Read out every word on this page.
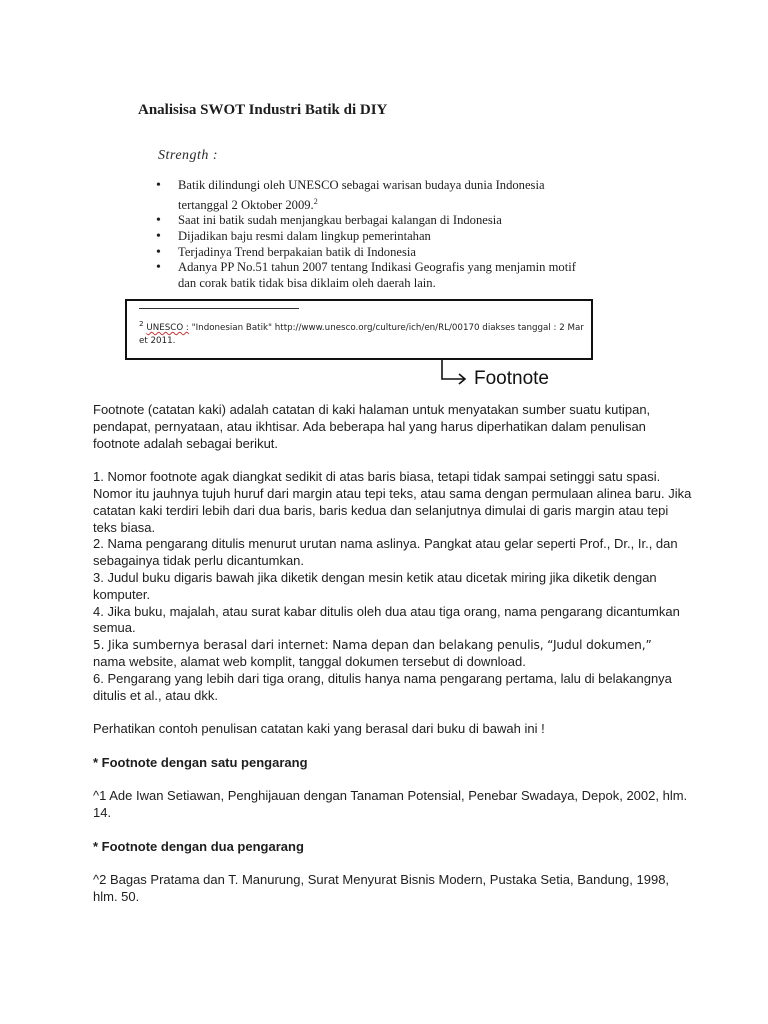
Analisisa SWOT Industri Batik di DIY
Strength :
• Batik dilindungi oleh UNESCO sebagai warisan budaya dunia Indonesia tertanggal 2 Oktober 2009.$^2$
• Saat ini batik sudah menjangkau berbagai kalangan di Indonesia
• Dijadikan baju resmi dalam lingkup pemerintahan
• Terjadinya Trend berpakaian batik di Indonesia
• Adanya PP No.51 tahun 2007 tentang Indikasi Geografis yang menjamin motif dan corak batik tidak bisa diklaim oleh daerah lain.
$^2$ UNESCO : "Indonesian Batik" http://www.unesco.org/culture/ich/en/RL/00170 diakses tanggal : 2 Maret 2011.
Footnote

Footnote (catatan kaki) adalah catatan di kaki halaman untuk menyatakan sumber suatu kutipan, pendapat, pernyataan, atau ikhtisar. Ada beberapa hal yang harus diperhatikan dalam penulisan footnote adalah sebagai berikut.

1. Nomor footnote agak diangkat sedikit di atas baris biasa, tetapi tidak sampai setinggi satu spasi. Nomor itu jauhnya tujuh huruf dari margin atau tepi teks, atau sama dengan permulaan alinea baru. Jika catatan kaki terdiri lebih dari dua baris, baris kedua dan selanjutnya dimulai di garis margin atau tepi teks biasa.

2. Nama pengarang ditulis menurut urutan nama aslinya. Pangkat atau gelar seperti Prof., Dr., Ir., dan sebagainya tidak perlu dicantumkan.

3. Judul buku digaris bawah jika diketik dengan mesin ketik atau dicetak miring jika diketik dengan komputer.

4. Jika buku, majalah, atau surat kabar ditulis oleh dua atau tiga orang, nama pengarang dicantumkan semua.

5. Jika sumbernya berasal dari internet: Nama depan dan belakang penulis, “Judul dokumen,”

nama website, alamat web komplit, tanggal dokumen tersebut di download.

6. Pengarang yang lebih dari tiga orang, ditulis hanya nama pengarang pertama, lalu di belakangnya ditulis et al., atau dkk.

Perhatikan contoh penulisan catatan kaki yang berasal dari buku di bawah ini !

* Footnote dengan satu pengarang

^1 Ade Iwan Setiawan, Penghijauan dengan Tanaman Potensial, Penebar Swadaya, Depok, 2002, hlm. 14.

* Footnote dengan dua pengarang

^2 Bagas Pratama dan T. Manurung, Surat Menyurat Bisnis Modern, Pustaka Setia, Bandung, 1998, hlm. 50.
